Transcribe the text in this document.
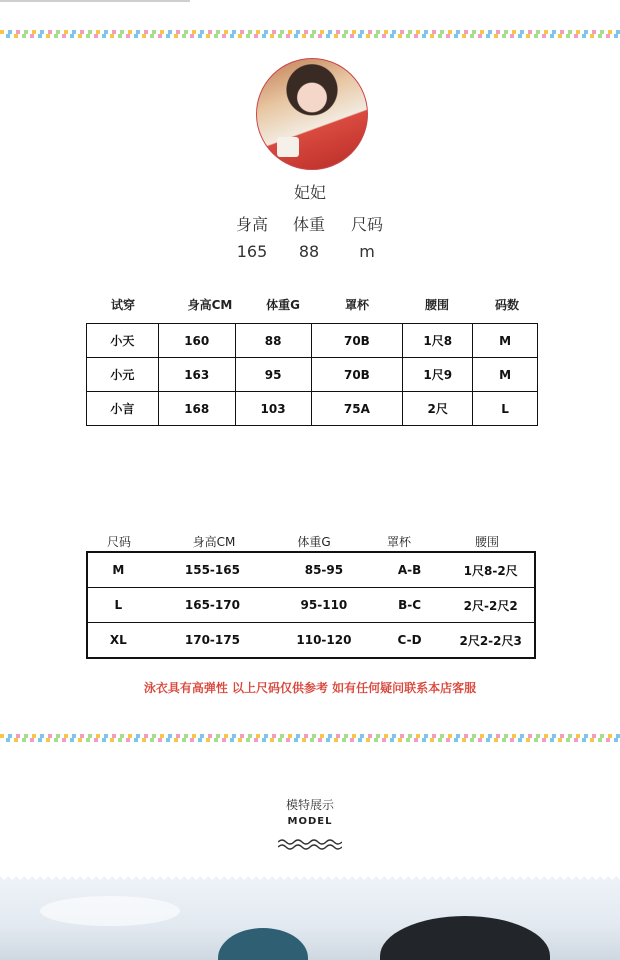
妃妃
身高	体重	尺码
165	88	m
试穿	身高CM	体重G	罩杯	腰围	码数
小天	160	88	70B	1尺8	M
小元	163	95	70B	1尺9	M
小言	168	103	75A	2尺	L
尺码	身高CM	体重G	罩杯	腰围
M	155-165	85-95	A-B	1尺8-2尺
L	165-170	95-110	B-C	2尺-2尺2
XL	170-175	110-120	C-D	2尺2-2尺3
泳衣具有高弹性 以上尺码仅供参考 如有任何疑问联系本店客服
模特展示
MODEL
